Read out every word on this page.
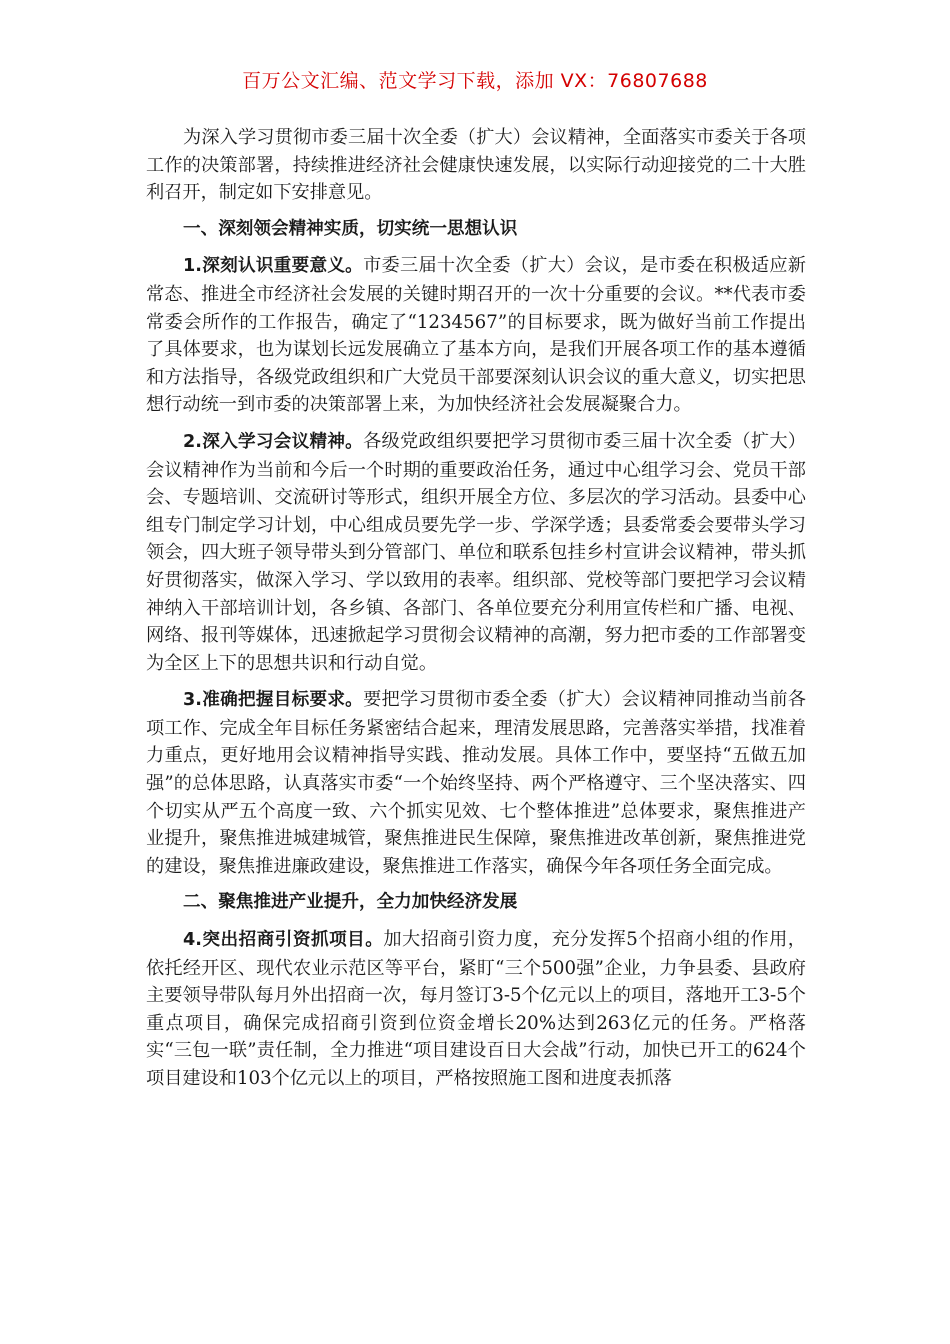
百万公文汇编、范文学习下载，添加 VX：76807688

为深入学习贯彻市委三届十次全委（扩大）会议精神，全面落实市委关于各项工作的决策部署，持续推进经济社会健康快速发展，以实际行动迎接党的二十大胜利召开，制定如下安排意见。

一、深刻领会精神实质，切实统一思想认识

1.深刻认识重要意义。市委三届十次全委（扩大）会议，是市委在积极适应新常态、推进全市经济社会发展的关键时期召开的一次十分重要的会议。**代表市委常委会所作的工作报告，确定了“1234567”的目标要求，既为做好当前工作提出了具体要求，也为谋划长远发展确立了基本方向，是我们开展各项工作的基本遵循和方法指导，各级党政组织和广大党员干部要深刻认识会议的重大意义，切实把思想行动统一到市委的决策部署上来，为加快经济社会发展凝聚合力。

2.深入学习会议精神。各级党政组织要把学习贯彻市委三届十次全委（扩大）会议精神作为当前和今后一个时期的重要政治任务，通过中心组学习会、党员干部会、专题培训、交流研讨等形式，组织开展全方位、多层次的学习活动。县委中心组专门制定学习计划，中心组成员要先学一步、学深学透；县委常委会要带头学习领会，四大班子领导带头到分管部门、单位和联系包挂乡村宣讲会议精神，带头抓好贯彻落实，做深入学习、学以致用的表率。组织部、党校等部门要把学习会议精神纳入干部培训计划，各乡镇、各部门、各单位要充分利用宣传栏和广播、电视、网络、报刊等媒体，迅速掀起学习贯彻会议精神的高潮，努力把市委的工作部署变为全区上下的思想共识和行动自觉。

3.准确把握目标要求。要把学习贯彻市委全委（扩大）会议精神同推动当前各项工作、完成全年目标任务紧密结合起来，理清发展思路，完善落实举措，找准着力重点，更好地用会议精神指导实践、推动发展。具体工作中，要坚持“五做五加强”的总体思路，认真落实市委“一个始终坚持、两个严格遵守、三个坚决落实、四个切实从严五个高度一致、六个抓实见效、七个整体推进”总体要求，聚焦推进产业提升，聚焦推进城建城管，聚焦推进民生保障，聚焦推进改革创新，聚焦推进党的建设，聚焦推进廉政建设，聚焦推进工作落实，确保今年各项任务全面完成。

二、聚焦推进产业提升，全力加快经济发展

4.突出招商引资抓项目。加大招商引资力度，充分发挥5个招商小组的作用，依托经开区、现代农业示范区等平台，紧盯“三个500强”企业，力争县委、县政府主要领导带队每月外出招商一次，每月签订3-5个亿元以上的项目，落地开工3-5个重点项目，确保完成招商引资到位资金增长20%达到263亿元的任务。严格落实“三包一联”责任制，全力推进“项目建设百日大会战”行动，加快已开工的624个项目建设和103个亿元以上的项目，严格按照施工图和进度表抓落
